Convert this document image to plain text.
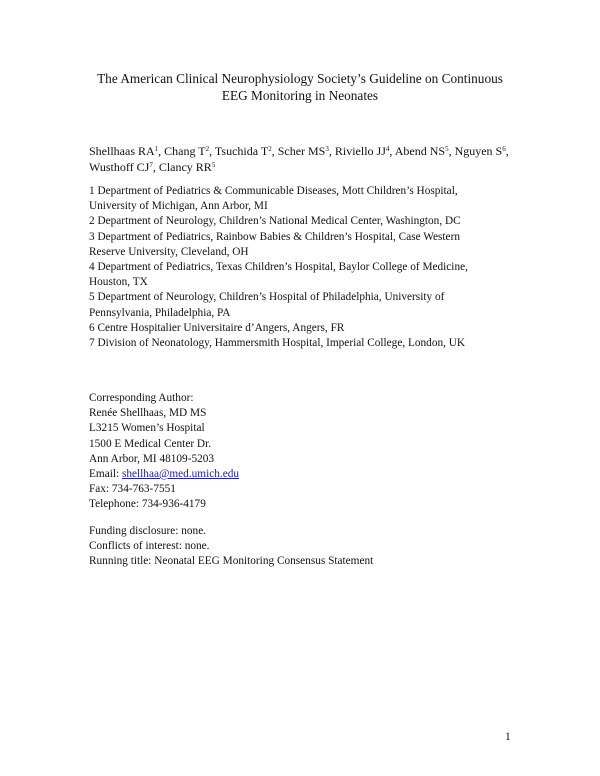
The American Clinical Neurophysiology Society’s Guideline on Continuous
EEG Monitoring in Neonates
Shellhaas $RA^1$, Chang $T^2$, Tsuchida $T^2$, Scher $MS^3$, Riviello $JJ^4$, Abend $NS^5$, Nguyen $S^6$,
Wusthoff $CJ^7$, Clancy $RR^5$
1 Department of Pediatrics & Communicable Diseases, Mott Children’s Hospital,
University of Michigan, Ann Arbor, MI
2 Department of Neurology, Children’s National Medical Center, Washington, DC
3 Department of Pediatrics, Rainbow Babies & Children’s Hospital, Case Western
Reserve University, Cleveland, OH
4 Department of Pediatrics, Texas Children’s Hospital, Baylor College of Medicine,
Houston, TX
5 Department of Neurology, Children’s Hospital of Philadelphia, University of
Pennsylvania, Philadelphia, PA
6 Centre Hospitalier Universitaire d’Angers, Angers, FR
7 Division of Neonatology, Hammersmith Hospital, Imperial College, London, UK
Corresponding Author:
Renée Shellhaas, MD MS
L3215 Women’s Hospital
1500 E Medical Center Dr.
Ann Arbor, MI 48109-5203
Email: shellhaa@med.umich.edu
Fax: 734-763-7551
Telephone: 734-936-4179
Funding disclosure: none.
Conflicts of interest: none.
Running title: Neonatal EEG Monitoring Consensus Statement
1
